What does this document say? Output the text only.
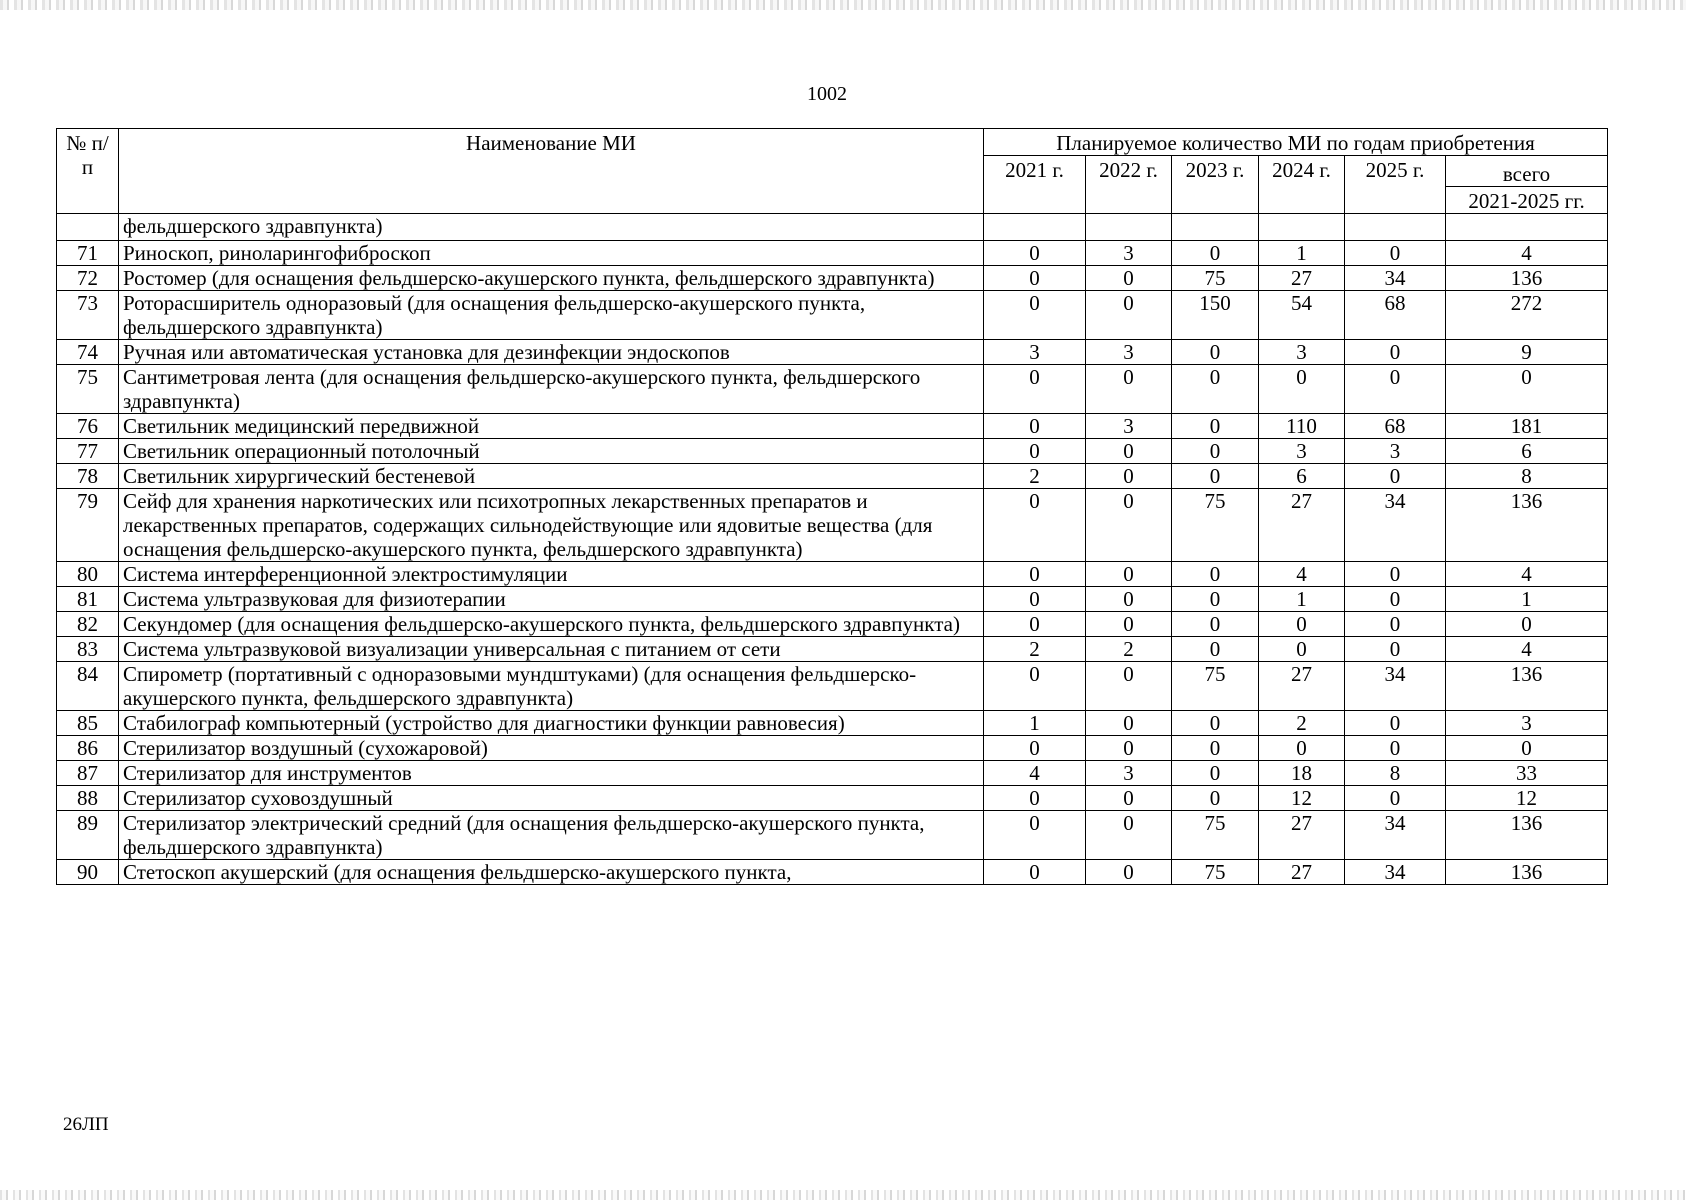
1002
№ п/п	Наименование МИ	Планируемое количество МИ по годам приобретения					
		2021 г.	2022 г.	2023 г.	2024 г.	2025 г.	всего
							2021-2025 гг.
	фельдшерского здравпункта)						
71	Риноскоп, риноларингофиброскоп	0	3	0	1	0	4
72	Ростомер (для оснащения фельдшерско-акушерского пункта, фельдшерского здравпункта)	0	0	75	27	34	136
73	Роторасширитель одноразовый (для оснащения фельдшерско-акушерского пункта, фельдшерского здравпункта)	0	0	150	54	68	272
74	Ручная или автоматическая установка для дезинфекции эндоскопов	3	3	0	3	0	9
75	Сантиметровая лента (для оснащения фельдшерско-акушерского пункта, фельдшерского здравпункта)	0	0	0	0	0	0
76	Светильник медицинский передвижной	0	3	0	110	68	181
77	Светильник операционный потолочный	0	0	0	3	3	6
78	Светильник хирургический бестеневой	2	0	0	6	0	8
79	Сейф для хранения наркотических или психотропных лекарственных препаратов и лекарственных препаратов, содержащих сильнодействующие или ядовитые вещества (для оснащения фельдшерско-акушерского пункта, фельдшерского здравпункта)	0	0	75	27	34	136
80	Система интерференционной электростимуляции	0	0	0	4	0	4
81	Система ультразвуковая для физиотерапии	0	0	0	1	0	1
82	Секундомер (для оснащения фельдшерско-акушерского пункта, фельдшерского здравпункта)	0	0	0	0	0	0
83	Система ультразвуковой визуализации универсальная с питанием от сети	2	2	0	0	0	4
84	Спирометр (портативный с одноразовыми мундштуками) (для оснащения фельдшерско-акушерского пункта, фельдшерского здравпункта)	0	0	75	27	34	136
85	Стабилограф компьютерный (устройство для диагностики функции равновесия)	1	0	0	2	0	3
86	Стерилизатор воздушный (сухожаровой)	0	0	0	0	0	0
87	Стерилизатор для инструментов	4	3	0	18	8	33
88	Стерилизатор суховоздушный	0	0	0	12	0	12
89	Стерилизатор электрический средний (для оснащения фельдшерско-акушерского пункта, фельдшерского здравпункта)	0	0	75	27	34	136
90	Стетоскоп акушерский (для оснащения фельдшерско-акушерского пункта,	0	0	75	27	34	136
26ЛП
